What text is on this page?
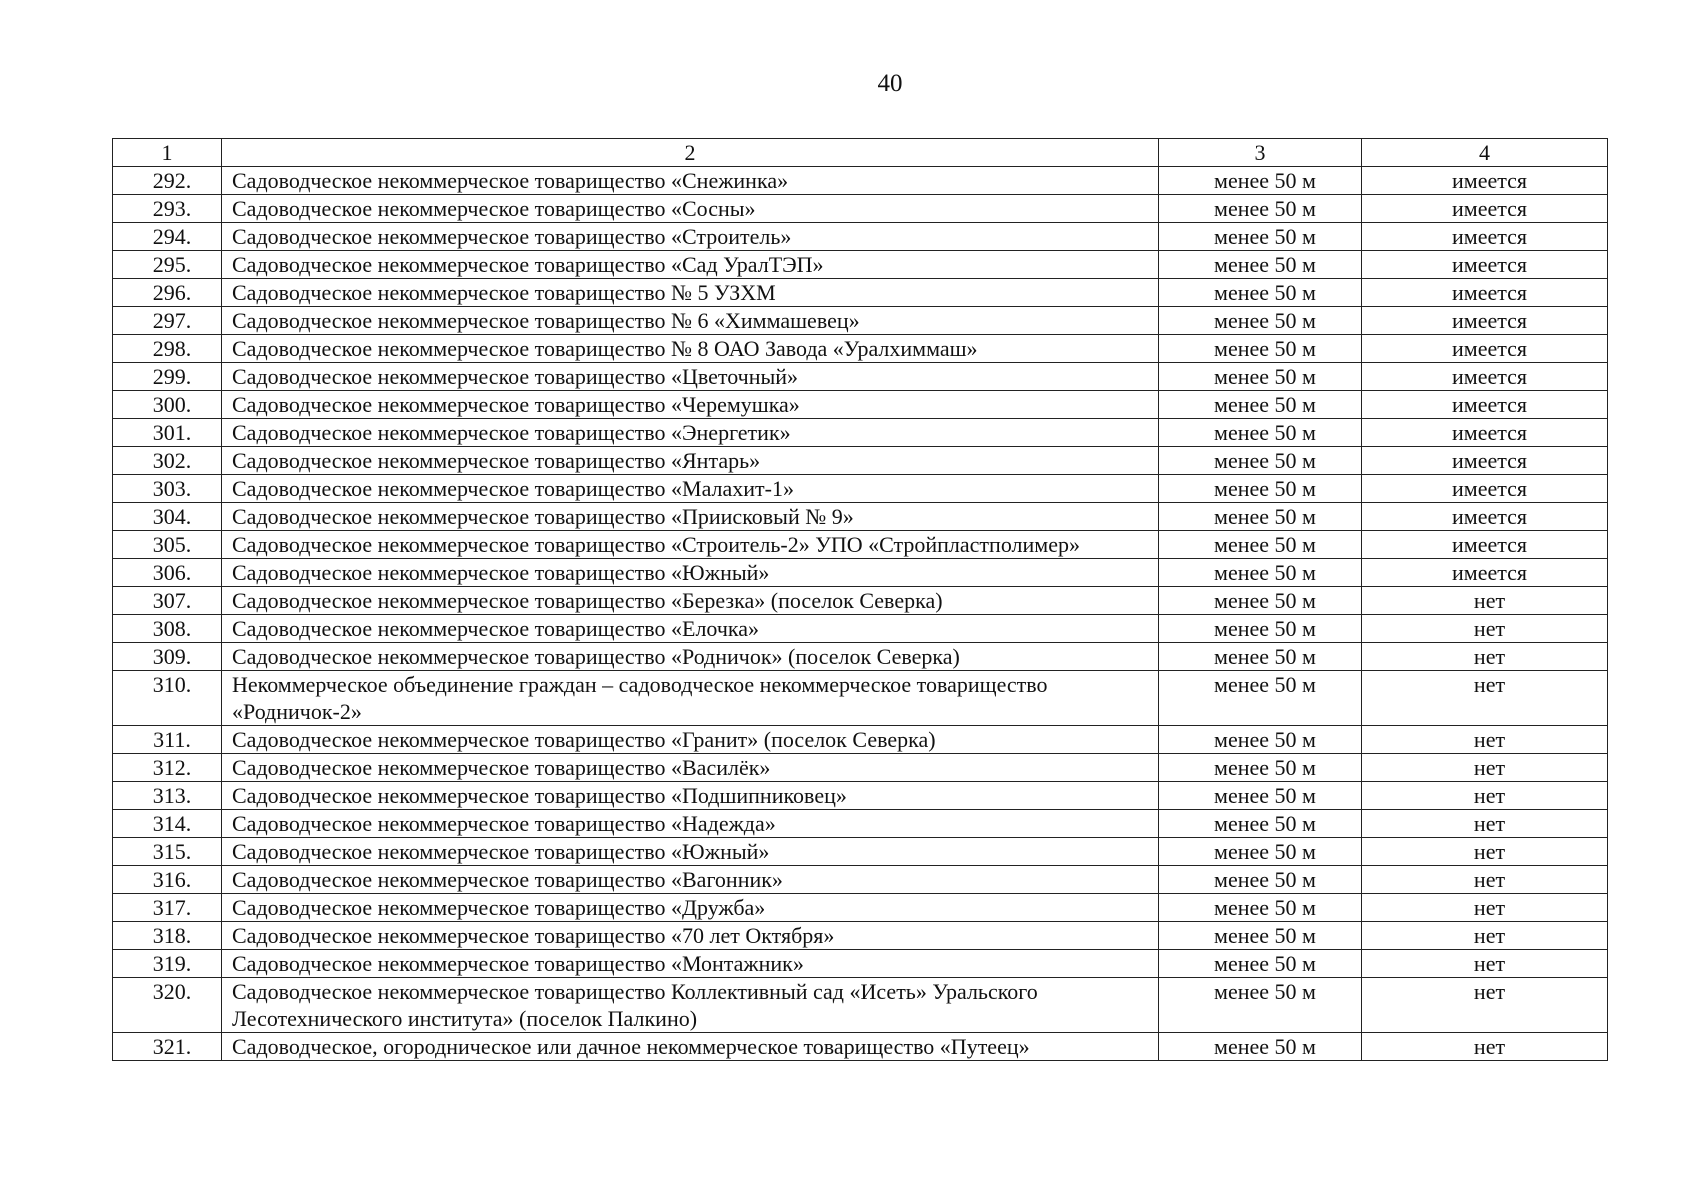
40
1	2	3	4
292.	Садоводческое некоммерческое товарищество «Снежинка»	менее 50 м	имеется
293.	Садоводческое некоммерческое товарищество «Сосны»	менее 50 м	имеется
294.	Садоводческое некоммерческое товарищество «Строитель»	менее 50 м	имеется
295.	Садоводческое некоммерческое товарищество «Сад УралТЭП»	менее 50 м	имеется
296.	Садоводческое некоммерческое товарищество № 5 УЗХМ	менее 50 м	имеется
297.	Садоводческое некоммерческое товарищество № 6 «Химмашевец»	менее 50 м	имеется
298.	Садоводческое некоммерческое товарищество № 8 ОАО Завода «Уралхиммаш»	менее 50 м	имеется
299.	Садоводческое некоммерческое товарищество «Цветочный»	менее 50 м	имеется
300.	Садоводческое некоммерческое товарищество «Черемушка»	менее 50 м	имеется
301.	Садоводческое некоммерческое товарищество «Энергетик»	менее 50 м	имеется
302.	Садоводческое некоммерческое товарищество «Янтарь»	менее 50 м	имеется
303.	Садоводческое некоммерческое товарищество «Малахит-1»	менее 50 м	имеется
304.	Садоводческое некоммерческое товарищество «Приисковый № 9»	менее 50 м	имеется
305.	Садоводческое некоммерческое товарищество «Строитель-2» УПО «Стройпластполимер»	менее 50 м	имеется
306.	Садоводческое некоммерческое товарищество «Южный»	менее 50 м	имеется
307.	Садоводческое некоммерческое товарищество «Березка» (поселок Северка)	менее 50 м	нет
308.	Садоводческое некоммерческое товарищество «Елочка»	менее 50 м	нет
309.	Садоводческое некоммерческое товарищество «Родничок» (поселок Северка)	менее 50 м	нет
310.	Некоммерческое объединение граждан – садоводческое некоммерческое товарищество «Родничок-2»	менее 50 м	нет
311.	Садоводческое некоммерческое товарищество «Гранит» (поселок Северка)	менее 50 м	нет
312.	Садоводческое некоммерческое товарищество «Василёк»	менее 50 м	нет
313.	Садоводческое некоммерческое товарищество «Подшипниковец»	менее 50 м	нет
314.	Садоводческое некоммерческое товарищество «Надежда»	менее 50 м	нет
315.	Садоводческое некоммерческое товарищество «Южный»	менее 50 м	нет
316.	Садоводческое некоммерческое товарищество «Вагонник»	менее 50 м	нет
317.	Садоводческое некоммерческое товарищество «Дружба»	менее 50 м	нет
318.	Садоводческое некоммерческое товарищество «70 лет Октября»	менее 50 м	нет
319.	Садоводческое некоммерческое товарищество «Монтажник»	менее 50 м	нет
320.	Садоводческое некоммерческое товарищество Коллективный сад «Исеть» Уральского Лесотехнического института» (поселок Палкино)	менее 50 м	нет
321.	Садоводческое, огородническое или дачное некоммерческое товарищество «Путеец»	менее 50 м	нет
